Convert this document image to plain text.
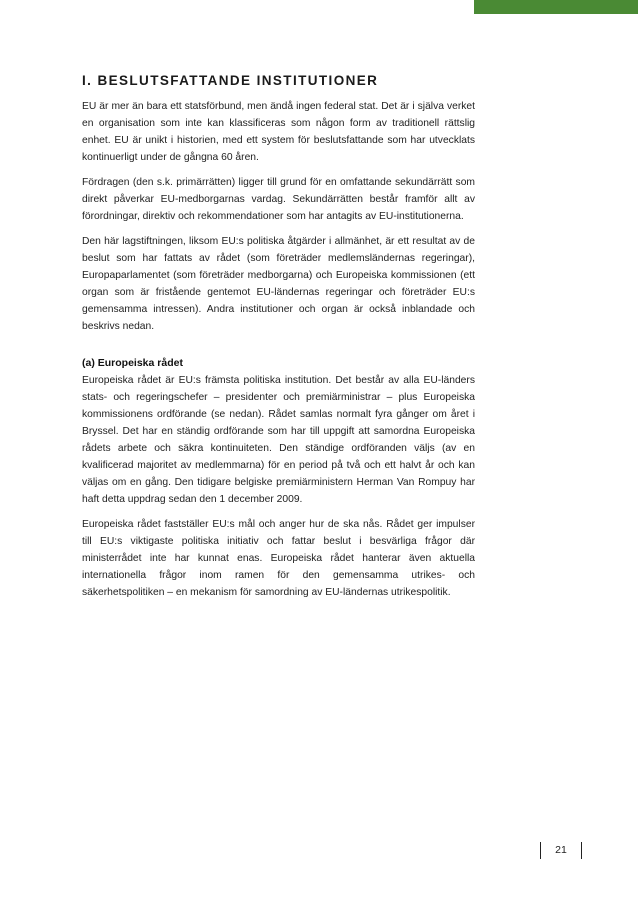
I. BESLUTSFATTANDE INSTITUTIONER

EU är mer än bara ett statsförbund, men ändå ingen federal stat. Det är i själva verket en organisation som inte kan klassificeras som någon form av traditionell rättslig enhet. EU är unikt i historien, med ett system för beslutsfattande som har utvecklats kontinuerligt under de gångna 60 åren.

Fördragen (den s.k. primärrätten) ligger till grund för en omfattande sekundärrätt som direkt påverkar EU-medborgarnas vardag. Sekundärrätten består framför allt av förordningar, direktiv och rekommendationer som har antagits av EU-institutionerna.

Den här lagstiftningen, liksom EU:s politiska åtgärder i allmänhet, är ett resultat av de beslut som har fattats av rådet (som företräder medlemsländernas regeringar), Europaparlamentet (som företräder medborgarna) och Europeiska kommissionen (ett organ som är fristående gentemot EU-ländernas regeringar och företräder EU:s gemensamma intressen). Andra institutioner och organ är också inblandade och beskrivs nedan.

(a) Europeiska rådet

Europeiska rådet är EU:s främsta politiska institution. Det består av alla EU-länders stats- och regeringschefer – presidenter och premiärministrar – plus Europeiska kommissionens ordförande (se nedan). Rådet samlas normalt fyra gånger om året i Bryssel. Det har en ständig ordförande som har till uppgift att samordna Europeiska rådets arbete och säkra kontinuiteten. Den ständige ordföranden väljs (av en kvalificerad majoritet av medlemmarna) för en period på två och ett halvt år och kan väljas om en gång. Den tidigare belgiske premiärministern Herman Van Rompuy har haft detta uppdrag sedan den 1 december 2009.

Europeiska rådet fastställer EU:s mål och anger hur de ska nås. Rådet ger impulser till EU:s viktigaste politiska initiativ och fattar beslut i besvärliga frågor där ministerrådet inte har kunnat enas. Europeiska rådet hanterar även aktuella internationella frågor inom ramen för den gemensamma utrikes- och säkerhetspolitiken – en mekanism för samordning av EU-ländernas utrikespolitik.

21
